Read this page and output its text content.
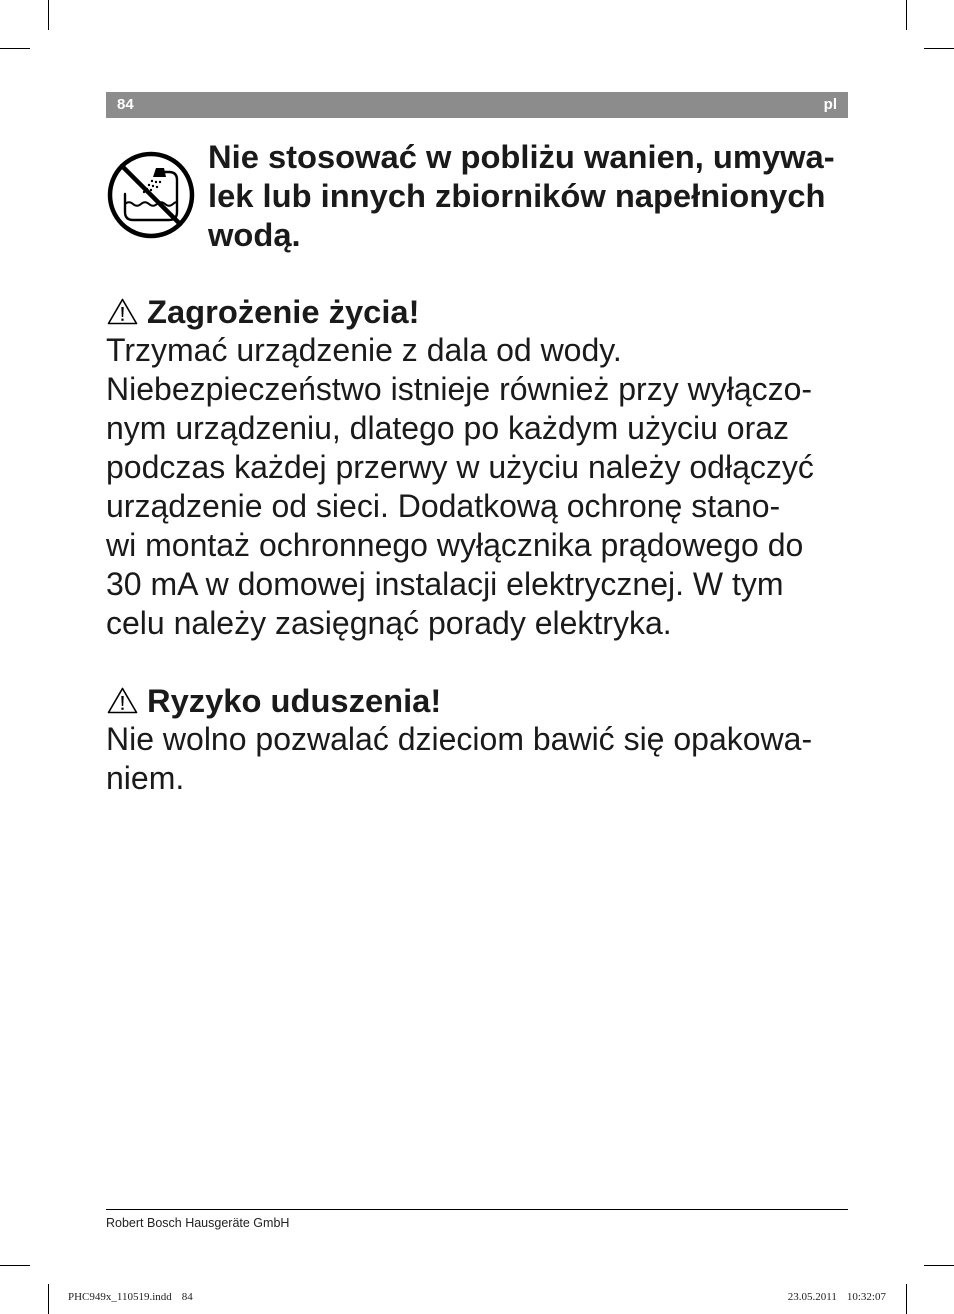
84	pl
Nie stosować w pobliżu wanien, umywa-
lek lub innych zbiorników napełnionych
wodą.
Zagrożenie życia!
Trzymać urządzenie z dala od wody.
Niebezpieczeństwo istnieje również przy wyłączo-
nym urządzeniu, dlatego po każdym użyciu oraz
podczas każdej przerwy w użyciu należy odłączyć
urządzenie od sieci. Dodatkową ochronę stano-
wi montaż ochronnego wyłącznika prądowego do
30 mA w domowej instalacji elektrycznej. W tym
celu należy zasięgnąć porady elektryka.
Ryzyko uduszenia!
Nie wolno pozwalać dzieciom bawić się opakowa-
niem.
Robert Bosch Hausgeräte GmbH
PHC949x_110519.indd 84	23.05.2011 10:32:07
